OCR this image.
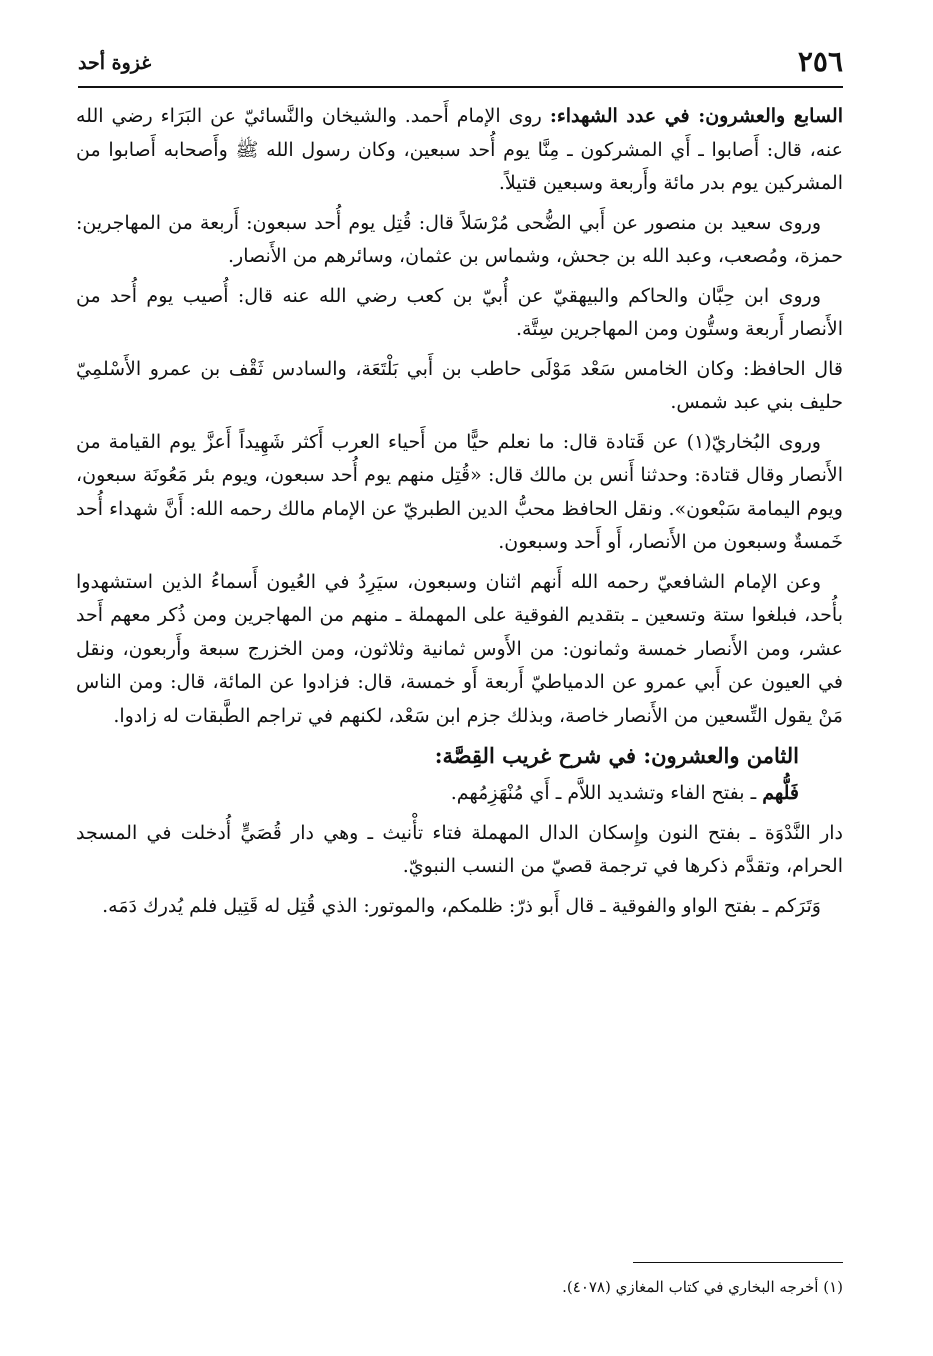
٢٥٦
غزوة أحد

السابع والعشرون: في عدد الشهداء: روى الإمام أَحمد. والشيخان والنَّسائيّ عن البَرَاء رضي الله عنه، قال: أَصابوا ـ أَي المشركون ـ مِنَّا يوم أُحد سبعين، وكان رسول الله ﷺ وأَصحابه أَصابوا من المشركين يوم بدر مائة وأَربعة وسبعين قتيلاً.

وروى سعيد بن منصور عن أَبي الضُّحى مُرْسَلاً قال: قُتِل يوم أُحد سبعون: أَربعة من المهاجرين: حمزة، ومُصعب، وعبد الله بن جحش، وشماس بن عثمان، وسائرهم من الأَنصار.

وروى ابن حِبَّان والحاكم والبيهقيّ عن أُبيّ بن كعب رضي الله عنه قال: أُصيب يوم أُحد من الأَنصار أَربعة وستُّون ومن المهاجرين سِتَّة.

قال الحافظ: وكان الخامس سَعْد مَوْلَى حاطب بن أَبي بَلْتَعَة، والسادس ثَقْف بن عمرو الأَسْلمِيّ حليف بني عبد شمس.

وروى البُخاريّ(١) عن قَتادة قال: ما نعلم حيًّا من أَحياء العرب أَكثر شَهِيداً أَعزَّ يوم القيامة من الأَنصار وقال قتادة: وحدثنا أَنس بن مالك قال: «قُتِل منهم يوم أُحد سبعون، ويوم بئر مَعُونَة سبعون، ويوم اليمامة سَبْعون». ونقل الحافظ محبُّ الدين الطبريّ عن الإمام مالك رحمه الله: أَنَّ شهداء أُحد خَمسةٌ وسبعون من الأَنصار، أَو أَحد وسبعون.

وعن الإمام الشافعيّ رحمه الله أَنهم اثنان وسبعون، سيَرِدُ في العُيون أَسماءُ الذين استشهدوا بأُحد، فبلغوا ستة وتسعين ـ بتقديم الفوقية على المهملة ـ منهم من المهاجرين ومن ذُكر معهم أَحد عشر، ومن الأَنصار خمسة وثمانون: من الأَوس ثمانية وثلاثون، ومن الخزرج سبعة وأَربعون، ونقل في العيون عن أَبي عمرو عن الدمياطيّ أَربعة أَو خمسة، قال: فزادوا عن المائة، قال: ومن الناس مَنْ يقول التِّسعين من الأَنصار خاصة، وبذلك جزم ابن سَعْد، لكنهم في تراجم الطَّبقات له زادوا.

الثامن والعشرون: في شرح غريب القِصَّة:

فَلُّهم ـ بفتح الفاء وتشديد اللاَّم ـ أَي مُنْهَزِمُهم.

دار النَّدْوَة ـ بفتح النون وإِسكان الدال المهملة فتاء تأْنيث ـ وهي دار قُصَيٍّ أُدخلت في المسجد الحرام، وتقدَّم ذكرها في ترجمة قصيّ من النسب النبويّ.

وَتَرَكم ـ بفتح الواو والفوقية ـ قال أَبو ذرّ: ظلمكم، والموتور: الذي قُتِل له قَتِيل فلم يُدرك دَمَه.

(١) أخرجه البخاري في كتاب المغازي (٤٠٧٨).
